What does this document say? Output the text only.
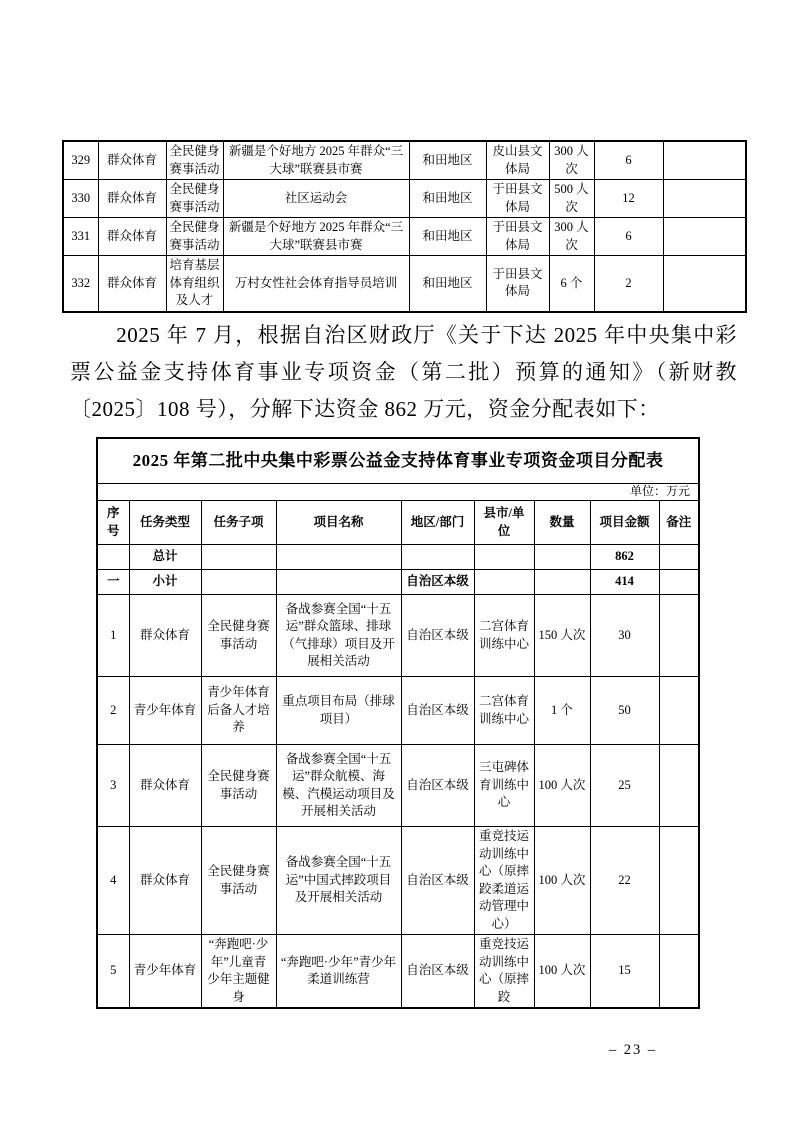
329	群众体育	全民健身赛事活动	新疆是个好地方 2025 年群众“三大球”联赛县市赛	和田地区	皮山县文体局	300 人次	6	
330	群众体育	全民健身赛事活动	社区运动会	和田地区	于田县文体局	500 人次	12	
331	群众体育	全民健身赛事活动	新疆是个好地方 2025 年群众“三大球”联赛县市赛	和田地区	于田县文体局	300 人次	6	
332	群众体育	培育基层体育组织及人才	万村女性社会体育指导员培训	和田地区	于田县文体局	6 个	2	

2025 年 7 月，根据自治区财政厅《关于下达 2025 年中央集中彩票公益金支持体育事业专项资金（第二批）预算的通知》（新财教〔2025〕108 号），分解下达资金 862 万元，资金分配表如下：

2025 年第二批中央集中彩票公益金支持体育事业专项资金项目分配表								
单位：万元								
序号	任务类型	任务子项	项目名称	地区/部门	县市/单位	数量	项目金额	备注
	总计						862	
一	小计			自治区本级			414	
1	群众体育	全民健身赛事活动	备战参赛全国“十五运”群众篮球、排球（气排球）项目及开展相关活动	自治区本级	二宫体育训练中心	150 人次	30	
2	青少年体育	青少年体育后备人才培养	重点项目布局（排球项目）	自治区本级	二宫体育训练中心	1 个	50	
3	群众体育	全民健身赛事活动	备战参赛全国“十五运”群众航模、海模、汽模运动项目及开展相关活动	自治区本级	三屯碑体育训练中心	100 人次	25	
4	群众体育	全民健身赛事活动	备战参赛全国“十五运”中国式摔跤项目及开展相关活动	自治区本级	重竞技运动训练中心（原摔跤柔道运动管理中心）	100 人次	22	
5	青少年体育	“奔跑吧·少年”儿童青少年主题健身	“奔跑吧·少年”青少年柔道训练营	自治区本级	重竞技运动训练中心（原摔跤	100 人次	15	
– 23 –
